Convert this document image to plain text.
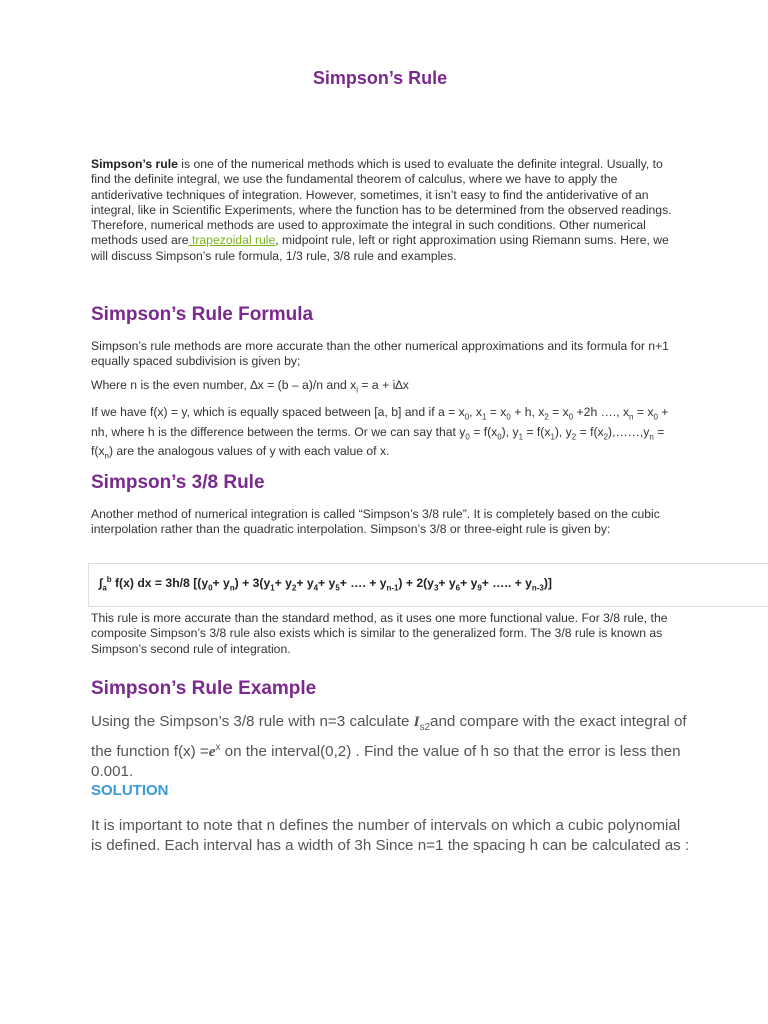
Simpson’s Rule
Simpson’s rule is one of the numerical methods which is used to evaluate the definite integral. Usually, to find the definite integral, we use the fundamental theorem of calculus, where we have to apply the antiderivative techniques of integration. However, sometimes, it isn’t easy to find the antiderivative of an integral, like in Scientific Experiments, where the function has to be determined from the observed readings. Therefore, numerical methods are used to approximate the integral in such conditions. Other numerical methods used are trapezoidal rule, midpoint rule, left or right approximation using Riemann sums. Here, we will discuss Simpson’s rule formula, 1/3 rule, 3/8 rule and examples.
Simpson’s Rule Formula
Simpson’s rule methods are more accurate than the other numerical approximations and its formula for n+1 equally spaced subdivision is given by;
Where n is the even number, ∆x = (b – a)/n and $x_i = a + i\Delta x$
If we have f(x) = y, which is equally spaced between [a, b] and if $a = x_0$, $x_1 = x_0 + h$, $x_2 = x_0 +2h$ …., $x_n = x_0$ + nh, where h is the difference between the terms. Or we can say that $y_0 = f(x_0)$, $y_1 = f(x_1)$, $y_2$ = $f(x_2),\dots\dots,y_n = f(x_n)$ are the analogous values of y with each value of x.
Simpson’s 3/8 Rule
Another method of numerical integration is called “Simpson’s 3/8 rule”. It is completely based on the cubic interpolation rather than the quadratic interpolation. Simpson’s 3/8 or three-eight rule is given by:
$\int_a^b$ f(x) dx = 3h/8 [$(y_0+ y_n) + 3(y_1+ y_2+ y_4+ y_5+$ …. + $y_{n-1}) + 2(y_3+ y_6+ y_9+$ ….. + $y_{n-3}$)]
This rule is more accurate than the standard method, as it uses one more functional value. For 3/8 rule, the composite Simpson’s 3/8 rule also exists which is similar to the generalized form. The 3/8 rule is known as Simpson’s second rule of integration.
Simpson’s Rule Example
Using the Simpson’s 3/8 rule with n=3 calculate $I_{s2}and$ compare with the exact integral of the function $f(x) =e^x$ on the interval(0,2) . Find the value of h so that the error is less then 0.001.
SOLUTION
It is important to note that n defines the number of intervals on which a cubic polynomial is defined. Each interval has a width of 3h Since n=1 the spacing h can be calculated as :
